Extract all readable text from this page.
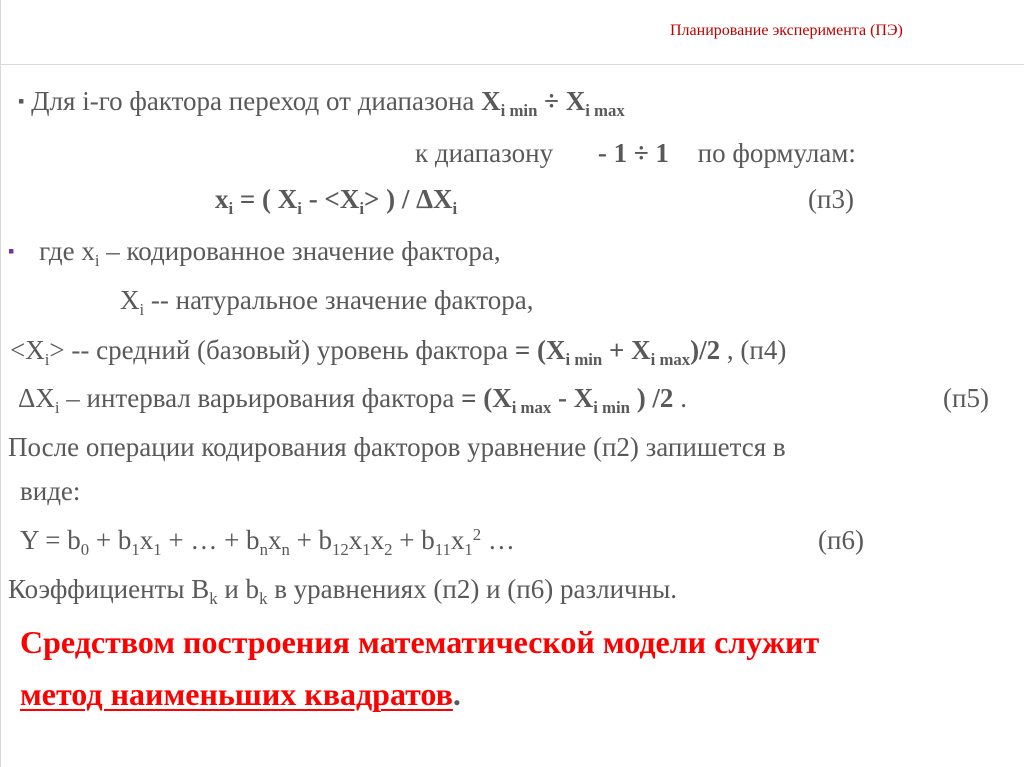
Планирование эксперимента (ПЭ)
▪ Для i-го фактора переход от диапазона $X_{i min} \div X_{i max}$
к диапазону - 1 ÷ 1 по формулам:
$x_i$ = ( $X_i - <X_i>$ ) / $\Delta X_i$	(п3)
▪ где $x_i$ – кодированное значение фактора,
$X_i$ -- натуральное значение фактора,
$<X_i>$ -- средний (базовый) уровень фактора = $(X_{i min} + X_{i max})/2$ , (п4)
$\Delta X_i$ – интервал варьирования фактора = ($X_{i max} - X_{i min}$ ) /2 .	(п5)
После операции кодирования факторов уравнение (п2) запишется в
виде:
$Y = b_0 + b_1x_1$ + … + $b_nx_n + b_{12}x_1x_2 + b_{11}x_1^2$ …	(п6)
Коэффициенты $B_k$ и $b_k$ в уравнениях (п2) и (п6) различны.
Средством построения математической модели служит
метод наименьших квадратов.
